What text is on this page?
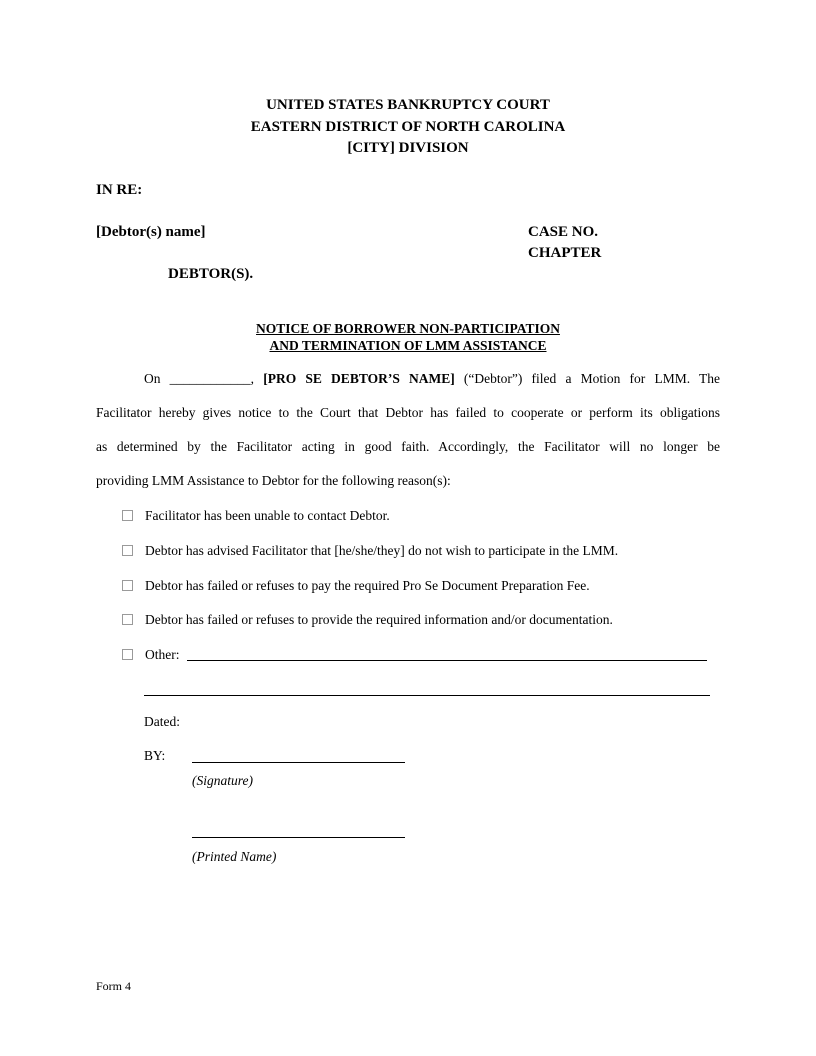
UNITED STATES BANKRUPTCY COURT
EASTERN DISTRICT OF NORTH CAROLINA
[CITY] DIVISION
IN RE:
[Debtor(s) name]	CASE NO.
CHAPTER
DEBTOR(S).
NOTICE OF BORROWER NON-PARTICIPATION
AND TERMINATION OF LMM ASSISTANCE
On ____________, [PRO SE DEBTOR’S NAME] (“Debtor”) filed a Motion for LMM. The
Facilitator hereby gives notice to the Court that Debtor has failed to cooperate or perform its obligations
as determined by the Facilitator acting in good faith. Accordingly, the Facilitator will no longer be
providing LMM Assistance to Debtor for the following reason(s):
Facilitator has been unable to contact Debtor.
Debtor has advised Facilitator that [he/she/they] do not wish to participate in the LMM.
Debtor has failed or refuses to pay the required Pro Se Document Preparation Fee.
Debtor has failed or refuses to provide the required information and/or documentation.
Other:
Dated:
BY:
(Signature)
(Printed Name)
Form 4
